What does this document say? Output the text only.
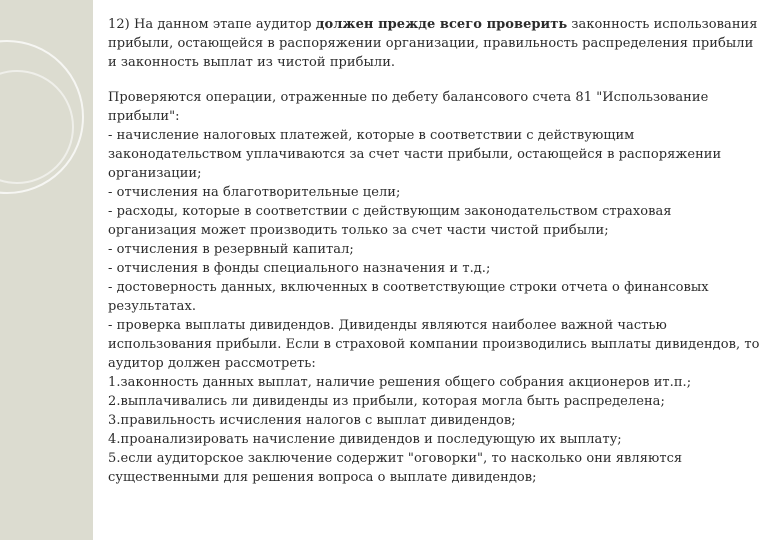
12) На данном этапе аудитор должен прежде всего проверить законность использования прибыли, остающейся в распоряжении организации, правильность распределения прибыли и законность выплат из чистой прибыли.

Проверяются операции, отраженные по дебету балансового счета 81 "Использование прибыли":
- начисление налоговых платежей, которые в соответствии с действующим законодательством уплачиваются за счет части прибыли, остающейся в распоряжении организации;
- отчисления на благотворительные цели;
- расходы, которые в соответствии с действующим законодательством страховая организация может производить только за счет части чистой прибыли;
- отчисления в резервный капитал;
- отчисления в фонды специального назначения и т.д.;
- достоверность данных, включенных в соответствующие строки отчета о финансовых результатах.
- проверка выплаты дивидендов. Дивиденды являются наиболее важной частью использования прибыли. Если в страховой компании производились выплаты дивидендов, то аудитор должен рассмотреть:
1.законность данных выплат, наличие решения общего собрания акционеров ит.п.;
2.выплачивались ли дивиденды из прибыли, которая могла быть распределена;
3.правильность исчисления налогов с выплат дивидендов;
4.проанализировать начисление дивидендов и последующую их выплату;
5.если аудиторское заключение содержит "оговорки", то насколько они являются существенными для решения вопроса о выплате дивидендов;
